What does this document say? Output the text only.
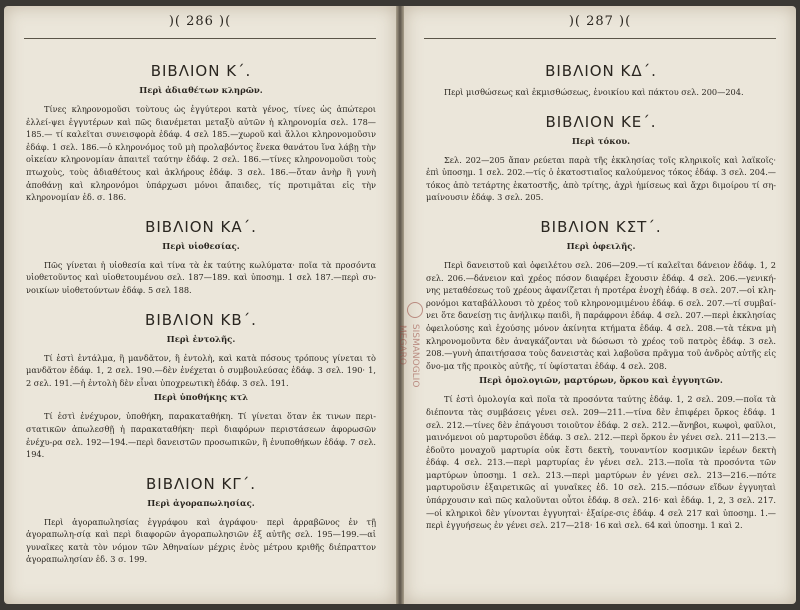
)( 286 )(
ΒΙΒΛΙΟΝ Κ΄.
Περὶ ἀδιαθέτων κληρῶν.

Τίνες κληρονομοῦσι τοὺτους ὡς ἐγγύτεροι κατὰ γένος, τίνες ὡς ἀπώτεροι ἐλλεί-ψει ἐγγυτέρων καὶ πῶς διανέμεται μεταξὺ αὐτῶν ἡ κληρονομία σελ. 178—185.— τί καλεῖται συνεισφορὰ ἐδάφ. 4 σελ 185.—χωροῦ καὶ ἄλλοι κληρονομοῦσιν ἐδάφ. 1 σελ. 186.—ὁ κληρονόμος τοῦ μὴ προλαβόντος ἕνεκα θανάτου ἵνα λάβῃ τὴν οἰκείαν κληρονομίαν ἀπαιτεῖ ταύτην ἐδάφ. 2 σελ. 186.—τίνες κληρονομοῦσι τοὺς πτωχοὺς, τοὺς ἀδιαθέτους καὶ ἀκλήρους ἐδάφ. 3 σελ. 186.—ὅταν ἀνὴρ ἢ γυνὴ ἀποθάνῃ καὶ κληρονόμοι ὑπάρχωσι μόνοι ἄπαιδες, τίς προτιμᾶται εἰς τὴν κληρονομίαν ἐδ. σ. 186.

ΒΙΒΛΙΟΝ ΚΑ΄.
Περὶ υἱοθεσίας.

Πῶς γίνεται ἡ υἱοθεσία καὶ τίνα τὰ ἐκ ταύτης κωλύματα· ποῖα τὰ προσόντα υἱοθετοῦντος καὶ υἱοθετουμένου σελ. 187—189. καὶ ὑποσημ. 1 σελ 187.—περὶ συ-νοικίων υἱοθετούντων ἐδάφ. 5 σελ 188.

ΒΙΒΛΙΟΝ ΚΒ΄.
Περὶ ἐντολῆς.

Τί ἐστὶ ἐντάλμα, ἢ μανδᾶτον, ἢ ἐντολὴ, καὶ κατὰ πόσους τρόπους γίνεται τὸ μανδᾶτον ἐδάφ. 1, 2 σελ. 190.—δὲν ἐνέχεται ὁ συμβουλεύσας ἐδάφ. 3 σελ. 190· 1, 2 σελ. 191.—ἡ ἐντολὴ δὲν εἶναι ὑποχρεωτικὴ ἐδάφ. 3 σελ. 191.

Περὶ ὑποθήκης κτλ

Τί ἐστὶ ἐνέχυρον, ὑποθήκη, παρακαταθήκη. Τί γίνεται ὅταν ἐκ τινων περι-στατικῶν ἀπωλεσθῇ ἡ παρακαταθήκη· περὶ διαφόρων περιστάσεων ἀφορωσῶν ἐνέχυ-ρα σελ. 192—194.—περὶ δανειστῶν προσωπικῶν, ἢ ἐνυποθήκων ἐδάφ. 7 σελ. 194.

ΒΙΒΛΙΟΝ ΚΓ΄.
Περὶ ἀγοραπωλησίας.

Περὶ ἀγοραπωλησίας ἐγγράφου καὶ ἀγράφου· περὶ ἀρραβῶνος ἐν τῇ ἀγοραπωλη-σίᾳ καὶ περὶ διαφορῶν ἀγοραπωλησιῶν ἐξ αὐτῆς σελ. 195—199.—αἱ γυναῖκες κατὰ τὸν νόμον τῶν Ἀθηναίων μέχρις ἑνὸς μέτρου κριθῆς διέπραττον ἀγοραπωλησίαν ἐδ. 3 σ. 199.

)( 287 )(
ΒΙΒΛΙΟΝ ΚΔ΄.

Περὶ μισθώσεως καὶ ἐκμισθώσεως, ἐνοικίου καὶ πάκτου σελ. 200—204.

ΒΙΒΛΙΟΝ ΚΕ΄.
Περὶ τόκου.

Σελ. 202—205 ἅπαν ρεύεται παρὰ τῆς ἐκκλησίας τοῖς κληρικοῖς καὶ λαϊκοῖς· ἐπὶ ὑποσημ. 1 σελ. 202.—τίς ὁ ἑκατοστιαῖος καλούμενος τόκος ἐδάφ. 3 σελ. 204.—τόκος ἀπὸ τετάρτης ἑκατοστῆς, ἀπὸ τρίτης, ἀχρὶ ἡμίσεως καὶ ἄχρι διμοίρου τί ση-μαίνουσιν ἐδάφ. 3 σελ. 205.

ΒΙΒΛΙΟΝ ΚΣΤ΄.
Περὶ ὀφειλῆς.

Περὶ δανειστοῦ καὶ ὀφειλέτου σελ. 206—209.—τί καλεῖται δάνειον ἐδάφ. 1, 2 σελ. 206.—δάνειον καὶ χρέος πόσον διαφέρει ἔχουσιν ἐδάφ. 4 σελ. 206.—γενική-νης μεταθέσεως τοῦ χρέους ἀφανίζεται ἡ προτέρα ἐνοχὴ ἐδάφ. 8 σελ. 207.—οἱ κλη-ρονόμοι καταβάλλουσι τὸ χρέος τοῦ κληρονομιμένου ἐδάφ. 6 σελ. 207.—τί συμβαί-νει ὅτε δανείσῃ τις ἀνήλικῳ παιδὶ, ἢ παράφρονι ἐδάφ. 4 σελ. 207.—περὶ ἐκκλησίας ὀφειλούσης καὶ ἐχούσης μόνον ἀκίνητα κτήματα ἐδάφ. 4 σελ. 208.—τὰ τέκνα μὴ κληρονομοῦντα δὲν ἀναγκάζονται νὰ δώσωσι τὸ χρέος τοῦ πατρὸς ἐδάφ. 3 σελ. 208.—γυνὴ ἀπαιτήσασα τοὺς δανειστὰς καὶ λαβοῦσα πρᾶγμα τοῦ ἀνδρὸς αὐτῆς εἰς ὄνο-μα τῆς προικὸς αὐτῆς, τί ὑφίσταται ἐδάφ. 4 σελ. 208.

Περὶ ὁμολογιῶν, μαρτύρων, ὅρκου καὶ ἐγγυητῶν.

Τί ἐστὶ ὁμολογία καὶ ποῖα τὰ προσόντα ταύτης ἐδάφ. 1, 2 σελ. 209.—ποῖα τὰ διέποντα τὰς συμβάσεις γένει σελ. 209—211.—τίνα δὲν ἐπιφέρει ὅρκος ἐδάφ. 1 σελ. 212.—τίνες δὲν ἐπάγουσι τοιοῦτον ἐδάφ. 2 σελ. 212.—ἄνηβοι, κωφοὶ, φαῦλοι, μαινόμενοι οὐ μαρτυροῦσι ἐδάφ. 3 σελ. 212.—περὶ ὅρκου ἐν γένει σελ. 211—213.—ἐδοῦτο μοναχοῦ μαρτυρία οὐκ ἔστι δεκτὴ, τουναντίον κοσμικῶν ἱερέων δεκτὴ ἐδάφ. 4 σελ. 213.—περὶ μαρτυρίας ἐν γένει σελ. 213.—ποῖα τὰ προσόντα τῶν μαρτύρων ὑποσημ. 1 σελ. 213.—περὶ μαρτύρων ἐν γένει σελ. 213—216.—πότε μαρτυροῦσιν ἐξαιρετικῶς αἱ γυναῖκες ἐδ. 10 σελ. 215.—πόσων εἴδων ἐγγυηταὶ ὑπάρχουσιν καὶ πῶς καλοῦνται οὗτοι ἐδάφ. 8 σελ. 216· καὶ ἐδάφ. 1, 2, 3 σελ. 217.—οἱ κληρικοὶ δὲν γίνονται ἐγγυηταὶ· ἐξαίρε-σις ἐδάφ. 4 σελ 217 καὶ ὑποσημ. 1.—περὶ ἐγγυήσεως ἐν γένει σελ. 217—218· 16 καὶ σελ. 64 καὶ ὑποσημ. 1 καὶ 2.

SISMANOGLIO MEGARO
